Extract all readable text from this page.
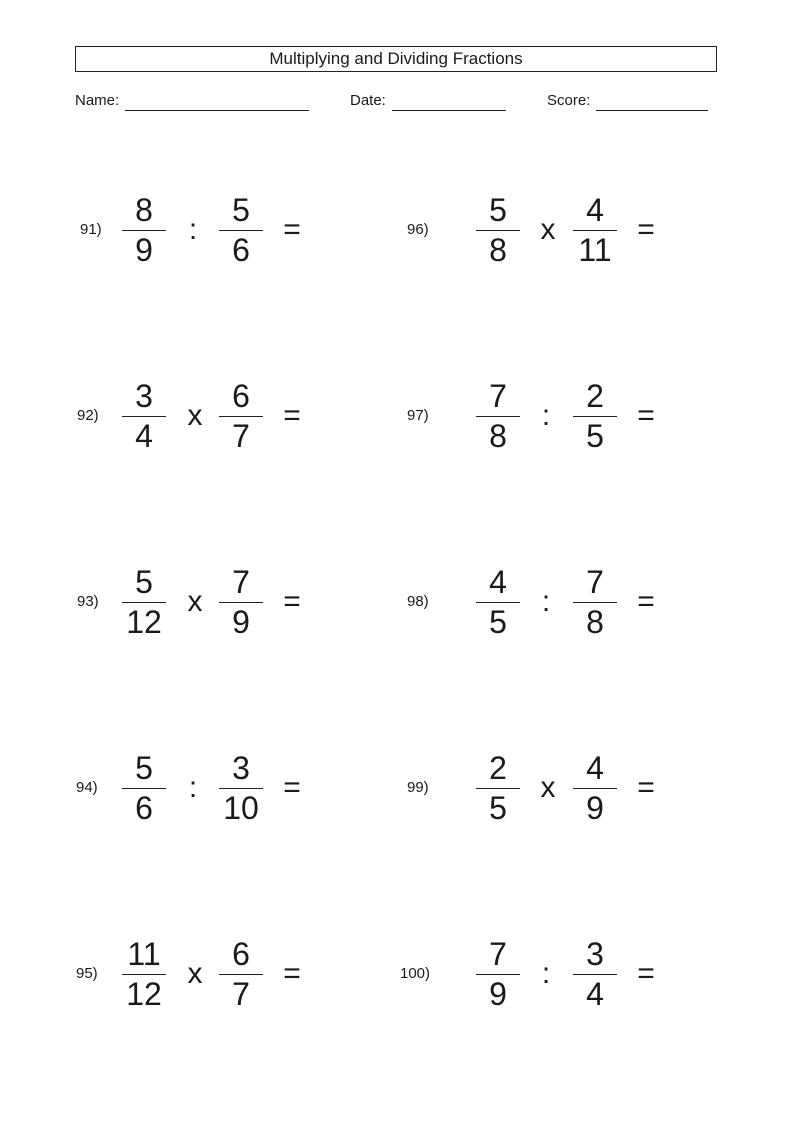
Multiplying and Dividing Fractions
Name:	Date:	Score:
91)
8
9
:
5
6
=
92)
3
4
x
6
7
=
93)
5
12
x
7
9
=
94)
5
6
:
3
10
=
95)
11
12
x
6
7
=
96)
5
8
x
4
11
=
97)
7
8
:
2
5
=
98)
4
5
:
7
8
=
99)
2
5
x
4
9
=
100)
7
9
:
3
4
=
